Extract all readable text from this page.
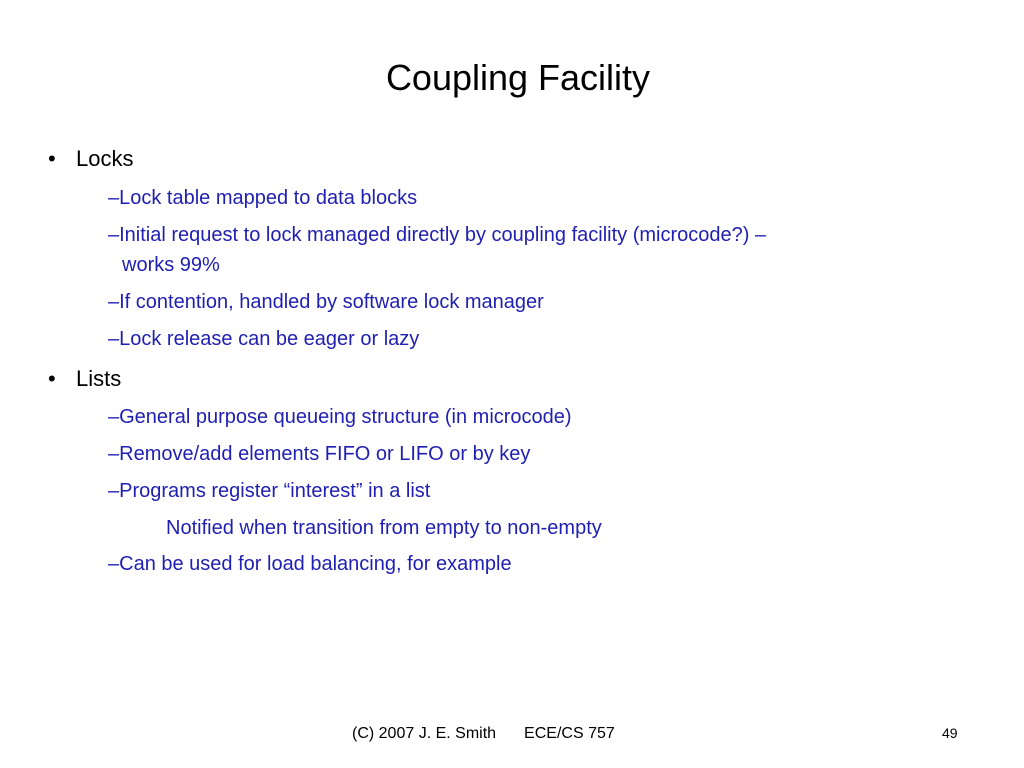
Coupling Facility
• Locks
–Lock table mapped to data blocks
–Initial request to lock managed directly by coupling facility (microcode?) –
works 99%
–If contention, handled by software lock manager
–Lock release can be eager or lazy
• Lists
–General purpose queueing structure (in microcode)
–Remove/add elements FIFO or LIFO or by key
–Programs register “interest” in a list
Notified when transition from empty to non-empty
–Can be used for load balancing, for example
(C) 2007 J. E. Smith ECE/CS 757	49
